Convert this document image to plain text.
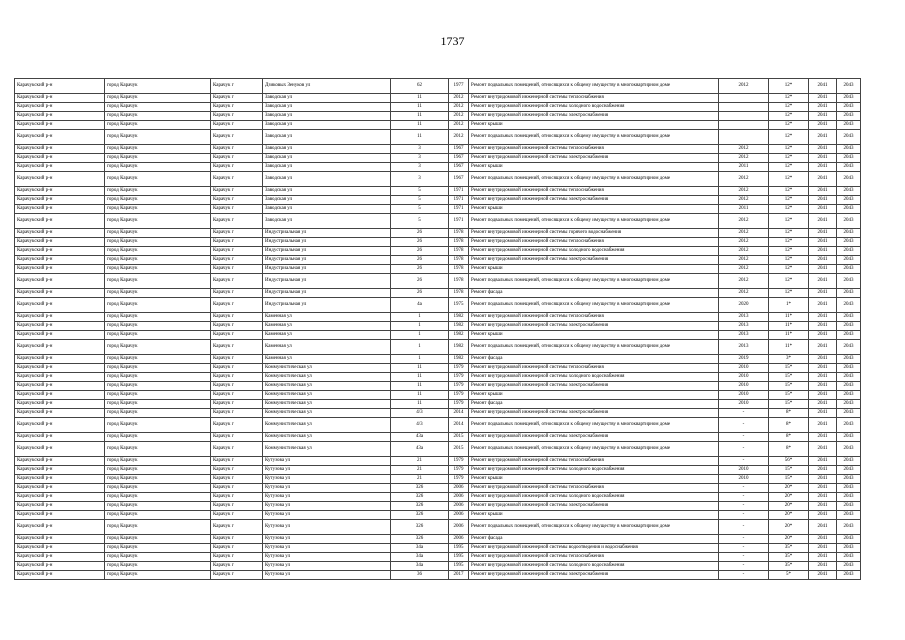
1737
Карачукский р-н	город Карачук	Карачук г	Дзиковых Зенуков ул	62	1977	Ремонт подвальных помещений, относящихся к общему имуществу в многоквартирном доме	2012	12*	2041	2043
Карачукский р-н	город Карачук	Карачук г	Заводская ул	11	2012	Ремонт внутридомовой инженерной системы теплоснабжения		12*	2041	2043
Карачукский р-н	город Карачук	Карачук г	Заводская ул	11	2012	Ремонт внутридомовой инженерной системы холодного водоснабжения		12*	2041	2043
Карачукский р-н	город Карачук	Карачук г	Заводская ул	11	2012	Ремонт внутридомовой инженерной системы электроснабжения		12*	2041	2043
Карачукский р-н	город Карачук	Карачук г	Заводская ул	11	2012	Ремонт крыши		12*	2041	2043
Карачукский р-н	город Карачук	Карачук г	Заводская ул	11	2012	Ремонт подвальных помещений, относящихся к общему имуществу в многоквартирном доме		12*	2041	2043
Карачукский р-н	город Карачук	Карачук г	Заводская ул	3	1967	Ремонт внутридомовой инженерной системы теплоснабжения	2012	12*	2041	2043
Карачукский р-н	город Карачук	Карачук г	Заводская ул	3	1967	Ремонт внутридомовой инженерной системы электроснабжения	2012	12*	2041	2043
Карачукский р-н	город Карачук	Карачук г	Заводская ул	3	1967	Ремонт крыши	2011	12*	2041	2043
Карачукский р-н	город Карачук	Карачук г	Заводская ул	3	1967	Ремонт подвальных помещений, относящихся к общему имуществу в многоквартирном доме	2012	12*	2041	2043
Карачукский р-н	город Карачук	Карачук г	Заводская ул	5	1971	Ремонт внутридомовой инженерной системы теплоснабжения	2012	12*	2041	2043
Карачукский р-н	город Карачук	Карачук г	Заводская ул	5	1971	Ремонт внутридомовой инженерной системы электроснабжения	2012	12*	2041	2043
Карачукский р-н	город Карачук	Карачук г	Заводская ул	5	1971	Ремонт крыши	2011	12*	2041	2043
Карачукский р-н	город Карачук	Карачук г	Заводская ул	5	1971	Ремонт подвальных помещений, относящихся к общему имуществу в многоквартирном доме	2012	12*	2041	2043
Карачукский р-н	город Карачук	Карачук г	Индустриальная ул	26	1978	Ремонт внутридомовой инженерной системы горячего водоснабжения	2012	12*	2041	2043
Карачукский р-н	город Карачук	Карачук г	Индустриальная ул	26	1978	Ремонт внутридомовой инженерной системы теплоснабжения	2012	12*	2041	2043
Карачукский р-н	город Карачук	Карачук г	Индустриальная ул	26	1978	Ремонт внутридомовой инженерной системы холодного водоснабжения	2012	12*	2041	2043
Карачукский р-н	город Карачук	Карачук г	Индустриальная ул	26	1978	Ремонт внутридомовой инженерной системы электроснабжения	2012	12*	2041	2043
Карачукский р-н	город Карачук	Карачук г	Индустриальная ул	26	1978	Ремонт крыши	2012	12*	2041	2043
Карачукский р-н	город Карачук	Карачук г	Индустриальная ул	26	1978	Ремонт подвальных помещений, относящихся к общему имуществу в многоквартирном доме	2012	12*	2041	2043
Карачукский р-н	город Карачук	Карачук г	Индустриальная ул	26	1978	Ремонт фасада	2012	12*	2041	2043
Карачукский р-н	город Карачук	Карачук г	Индустриальная ул	4a	1975	Ремонт подвальных помещений, относящихся к общему имуществу в многоквартирном доме	2020	1*	2041	2043
Карачукский р-н	город Карачук	Карачук г	Каменная ул	1	1982	Ремонт внутридомовой инженерной системы теплоснабжения	2013	11*	2041	2043
Карачукский р-н	город Карачук	Карачук г	Каменная ул	1	1982	Ремонт внутридомовой инженерной системы электроснабжения	2013	11*	2041	2043
Карачукский р-н	город Карачук	Карачук г	Каменная ул	1	1982	Ремонт крыши	2013	11*	2041	2043
Карачукский р-н	город Карачук	Карачук г	Каменная ул	1	1982	Ремонт подвальных помещений, относящихся к общему имуществу в многоквартирном доме	2013	11*	2041	2043
Карачукский р-н	город Карачук	Карачук г	Каменная ул	1	1982	Ремонт фасада	2019	3*	2041	2043
Карачукский р-н	город Карачук	Карачук г	Коммунистическая ул	11	1979	Ремонт внутридомовой инженерной системы теплоснабжения	2010	15*	2041	2043
Карачукский р-н	город Карачук	Карачук г	Коммунистическая ул	11	1979	Ремонт внутридомовой инженерной системы холодного водоснабжения	2010	15*	2041	2043
Карачукский р-н	город Карачук	Карачук г	Коммунистическая ул	11	1979	Ремонт внутридомовой инженерной системы электроснабжения	2010	15*	2041	2043
Карачукский р-н	город Карачук	Карачук г	Коммунистическая ул	11	1979	Ремонт крыши	2010	15*	2041	2043
Карачукский р-н	город Карачук	Карачук г	Коммунистическая ул	11	1979	Ремонт фасада	2010	15*	2041	2043
Карачукский р-н	город Карачук	Карачук г	Коммунистическая ул	4/3	2014	Ремонт внутридомовой инженерной системы электроснабжения	-	8*	2041	2043
Карачукский р-н	город Карачук	Карачук г	Коммунистическая ул	4/3	2014	Ремонт подвальных помещений, относящихся к общему имуществу в многоквартирном доме	-	8*	2041	2043
Карачукский р-н	город Карачук	Карачук г	Коммунистическая ул	43a	2015	Ремонт внутридомовой инженерной системы электроснабжения	-	8*	2041	2043
Карачукский р-н	город Карачук	Карачук г	Коммунистическая ул	43a	2015	Ремонт подвальных помещений, относящихся к общему имуществу в многоквартирном доме	-	8*	2041	2043
Карачукский р-н	город Карачук	Карачук г	Кутузова ул	21	1979	Ремонт внутридомовой инженерной системы теплоснабжения	-	56*	2041	2043
Карачукский р-н	город Карачук	Карачук г	Кутузова ул	21	1979	Ремонт внутридомовой инженерной системы холодного водоснабжения	2010	15*	2041	2043
Карачукский р-н	город Карачук	Карачук г	Кутузова ул	21	1979	Ремонт крыши	2010	15*	2041	2043
Карачукский р-н	город Карачук	Карачук г	Кутузова ул	326	2006	Ремонт внутридомовой инженерной системы теплоснабжения	-	20*	2041	2043
Карачукский р-н	город Карачук	Карачук г	Кутузова ул	326	2006	Ремонт внутридомовой инженерной системы холодного водоснабжения	-	20*	2041	2043
Карачукский р-н	город Карачук	Карачук г	Кутузова ул	326	2006	Ремонт внутридомовой инженерной системы электроснабжения	-	20*	2041	2043
Карачукский р-н	город Карачук	Карачук г	Кутузова ул	326	2006	Ремонт крыши	-	20*	2041	2043
Карачукский р-н	город Карачук	Карачук г	Кутузова ул	326	2006	Ремонт подвальных помещений, относящихся к общему имуществу в многоквартирном доме	-	20*	2041	2043
Карачукский р-н	город Карачук	Карачук г	Кутузова ул	326	2006	Ремонт фасада	-	20*	2041	2043
Карачукский р-н	город Карачук	Карачук г	Кутузова ул	34a	1995	Ремонт внутридомовой инженерной системы водоотведения и водоснабжения	-	35*	2041	2043
Карачукский р-н	город Карачук	Карачук г	Кутузова ул	34a	1995	Ремонт внутридомовой инженерной системы теплоснабжения	-	35*	2041	2043
Карачукский р-н	город Карачук	Карачук г	Кутузова ул	34a	1995	Ремонт внутридомовой инженерной системы холодного водоснабжения	-	35*	2041	2043
Карачукский р-н	город Карачук	Карачук г	Кутузова ул	36	2017	Ремонт внутридомовой инженерной системы электроснабжения	-	5*	2041	2043
